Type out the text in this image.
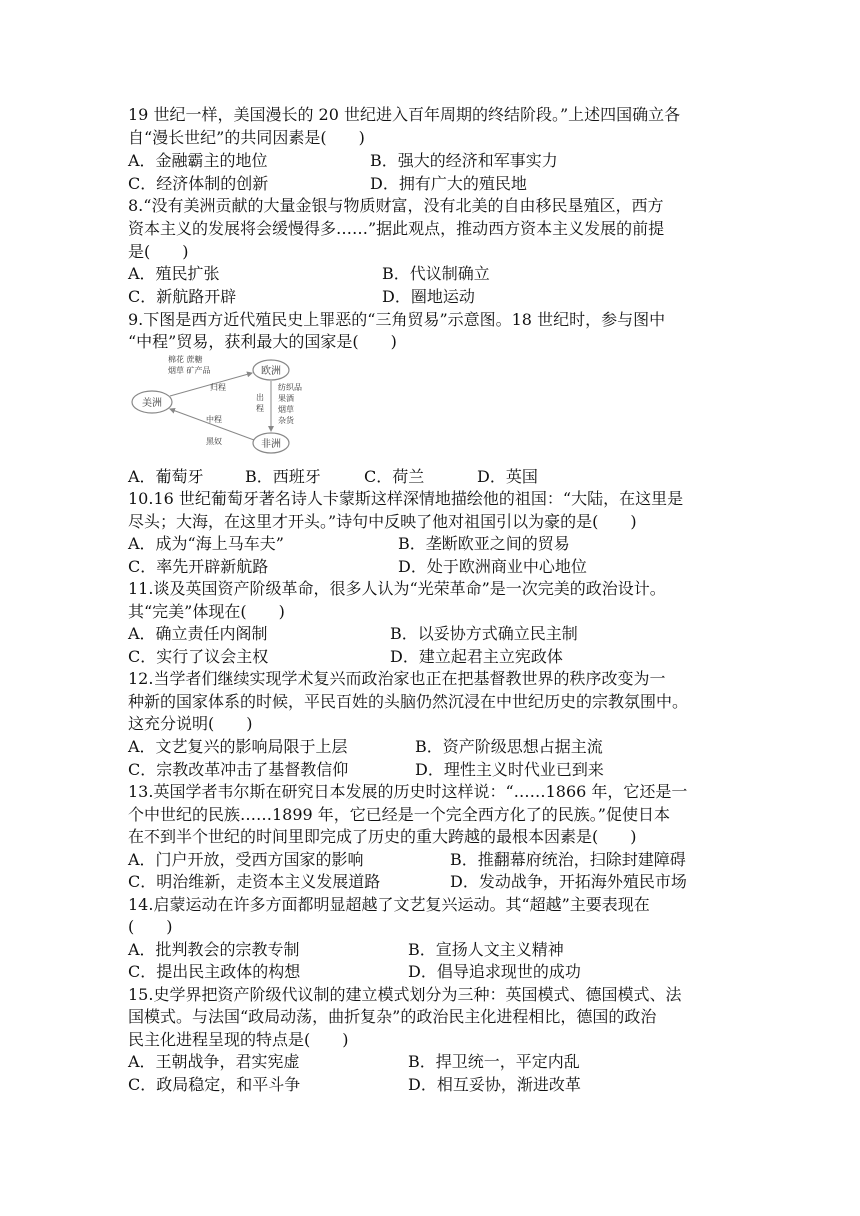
19 世纪一样，美国漫长的 20 世纪进入百年周期的终结阶段。”上述四国确立各
自“漫长世纪”的共同因素是(　　)
A．金融霸主的地位	B．强大的经济和军事实力
C．经济体制的创新	D．拥有广大的殖民地
8.“没有美洲贡献的大量金银与物质财富，没有北美的自由移民垦殖区，西方
资本主义的发展将会缓慢得多……”据此观点，推动西方资本主义发展的前提
是(　　)
A．殖民扩张	B．代议制确立
C．新航路开辟	D．圈地运动
9.下图是西方近代殖民史上罪恶的“三角贸易”示意图。18 世纪时，参与图中
“中程”贸易，获利最大的国家是(　　)
欧洲
美洲
非洲
棉花 蔗糖
烟草 矿产品
归程
出
程
纺织品
果酒
烟草
杂货
中程
黑奴
A．葡萄牙	B．西班牙	C．荷兰	D．英国
10.16 世纪葡萄牙著名诗人卡蒙斯这样深情地描绘他的祖国：“大陆，在这里是
尽头；大海，在这里才开头。”诗句中反映了他对祖国引以为豪的是(　　)
A．成为“海上马车夫”	B．垄断欧亚之间的贸易
C．率先开辟新航路	D．处于欧洲商业中心地位
11.谈及英国资产阶级革命，很多人认为“光荣革命”是一次完美的政治设计。
其“完美”体现在(　　)
A．确立责任内阁制	B．以妥协方式确立民主制
C．实行了议会主权	D．建立起君主立宪政体
12.当学者们继续实现学术复兴而政治家也正在把基督教世界的秩序改变为一
种新的国家体系的时候，平民百姓的头脑仍然沉浸在中世纪历史的宗教氛围中。
这充分说明(　　)
A．文艺复兴的影响局限于上层	B．资产阶级思想占据主流
C．宗教改革冲击了基督教信仰	D．理性主义时代业已到来
13.英国学者韦尔斯在研究日本发展的历史时这样说：“……1866 年，它还是一
个中世纪的民族……1899 年，它已经是一个完全西方化了的民族。”促使日本
在不到半个世纪的时间里即完成了历史的重大跨越的最根本因素是(　　)
A．门户开放，受西方国家的影响	B．推翻幕府统治，扫除封建障碍
C．明治维新，走资本主义发展道路	D．发动战争，开拓海外殖民市场
14.启蒙运动在许多方面都明显超越了文艺复兴运动。其“超越”主要表现在
(　　)
A．批判教会的宗教专制	B．宣扬人文主义精神
C．提出民主政体的构想	D．倡导追求现世的成功
15.史学界把资产阶级代议制的建立模式划分为三种：英国模式、德国模式、法
国模式。与法国“政局动荡，曲折复杂”的政治民主化进程相比，德国的政治
民主化进程呈现的特点是(　　)
A．王朝战争，君实宪虚	B．捍卫统一，平定内乱
C．政局稳定，和平斗争	D．相互妥协，渐进改革
